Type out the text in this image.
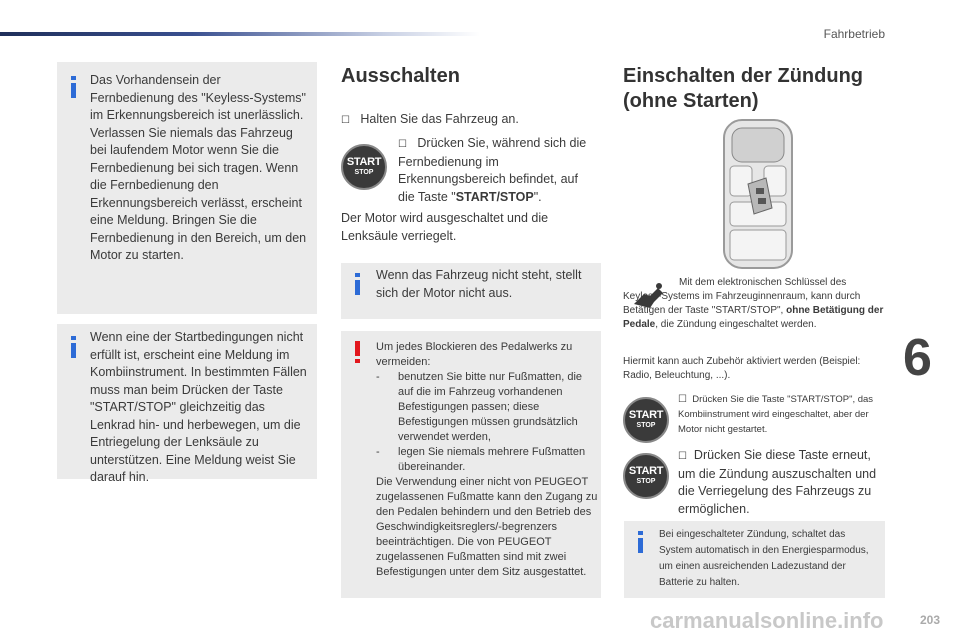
Fahrbetrieb
6
203
Das Vorhandensein der Fernbedienung des "Keyless-Systems" im Erkennungsbereich ist unerlässlich. Verlassen Sie niemals das Fahrzeug bei laufendem Motor wenn Sie die Fernbedienung bei sich tragen. Wenn die Fernbedienung den Erkennungsbereich verlässt, erscheint eine Meldung. Bringen Sie die Fernbedienung in den Bereich, um den Motor zu starten.
Wenn eine der Startbedingungen nicht erfüllt ist, erscheint eine Meldung im Kombiinstrument. In bestimmten Fällen muss man beim Drücken der Taste "START/STOP" gleichzeitig das Lenkrad hin- und herbewegen, um die Entriegelung der Lenksäule zu unterstützen. Eine Meldung weist Sie darauf hin.
Ausschalten
☐ Halten Sie das Fahrzeug an.
START
STOP
☐ Drücken Sie, während sich die Fernbedienung im Erkennungsbereich befindet, auf die Taste "START/STOP".
Der Motor wird ausgeschaltet und die Lenksäule verriegelt.
Wenn das Fahrzeug nicht steht, stellt sich der Motor nicht aus.
Um jedes Blockieren des Pedalwerks zu vermeiden:
- benutzen Sie bitte nur Fußmatten, die auf die im Fahrzeug vorhandenen Befestigungen passen; diese Befestigungen müssen grundsätzlich verwendet werden,
- legen Sie niemals mehrere Fußmatten übereinander.
Die Verwendung einer nicht von PEUGEOT zugelassenen Fußmatte kann den Zugang zu den Pedalen behindern und den Betrieb des Geschwindigkeitsreglers/-begrenzers beeinträchtigen. Die von PEUGEOT zugelassenen Fußmatten sind mit zwei Befestigungen unter dem Sitz ausgestattet.
Einschalten der Zündung
(ohne Starten)
Mit dem elektronischen Schlüssel des Keyless-Systems im Fahrzeuginnenraum, kann durch Betätigen der Taste "START/STOP", ohne Betätigung der Pedale, die Zündung eingeschaltet werden.
Hiermit kann auch Zubehör aktiviert werden (Beispiel: Radio, Beleuchtung, ...).
START
STOP
☐ Drücken Sie die Taste "START/STOP", das Kombiinstrument wird eingeschaltet, aber der Motor nicht gestartet.
START
STOP
☐ Drücken Sie diese Taste erneut, um die Zündung auszuschalten und die Verriegelung des Fahrzeugs zu ermöglichen.
Bei eingeschalteter Zündung, schaltet das System automatisch in den Energiesparmodus, um einen ausreichenden Ladezustand der Batterie zu halten.
carmanualsonline.info
